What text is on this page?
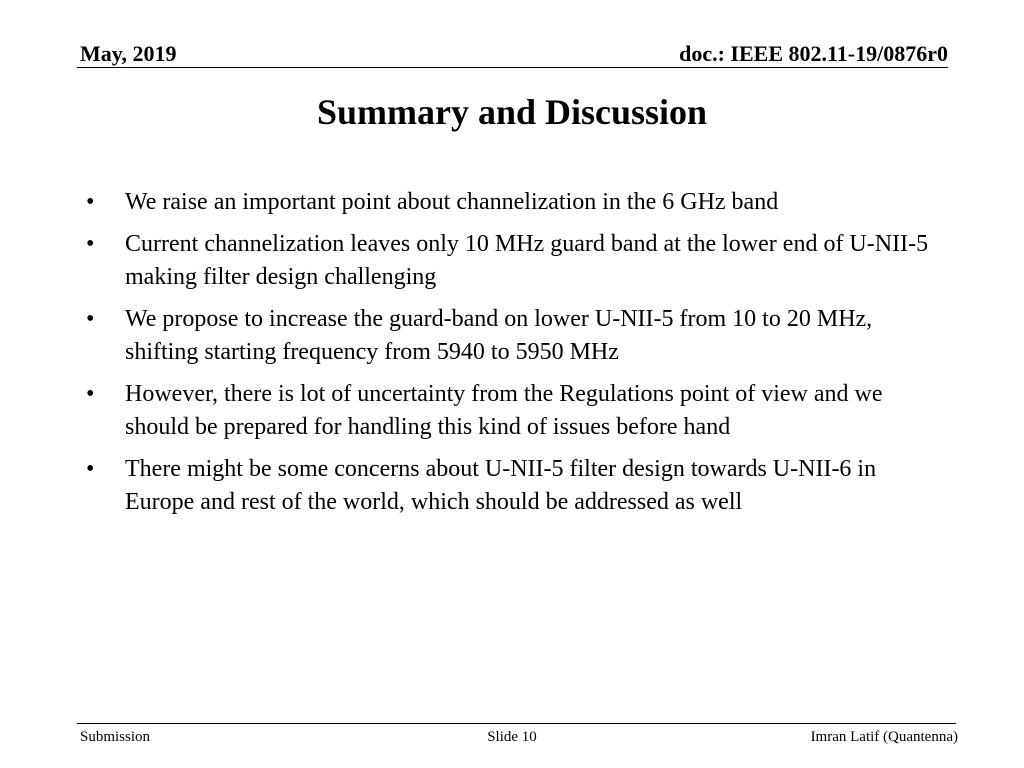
May, 2019	doc.: IEEE 802.11-19/0876r0
Summary and Discussion
• We raise an important point about channelization in the 6 GHz band
• Current channelization leaves only 10 MHz guard band at the lower end of U-NII-5 making filter design challenging
• We propose to increase the guard-band on lower U-NII-5 from 10 to 20 MHz, shifting starting frequency from 5940 to 5950 MHz
• However, there is lot of uncertainty from the Regulations point of view and we should be prepared for handling this kind of issues before hand
• There might be some concerns about U-NII-5 filter design towards U-NII-6 in Europe and rest of the world, which should be addressed as well
Submission	Slide 10	Imran Latif (Quantenna)
